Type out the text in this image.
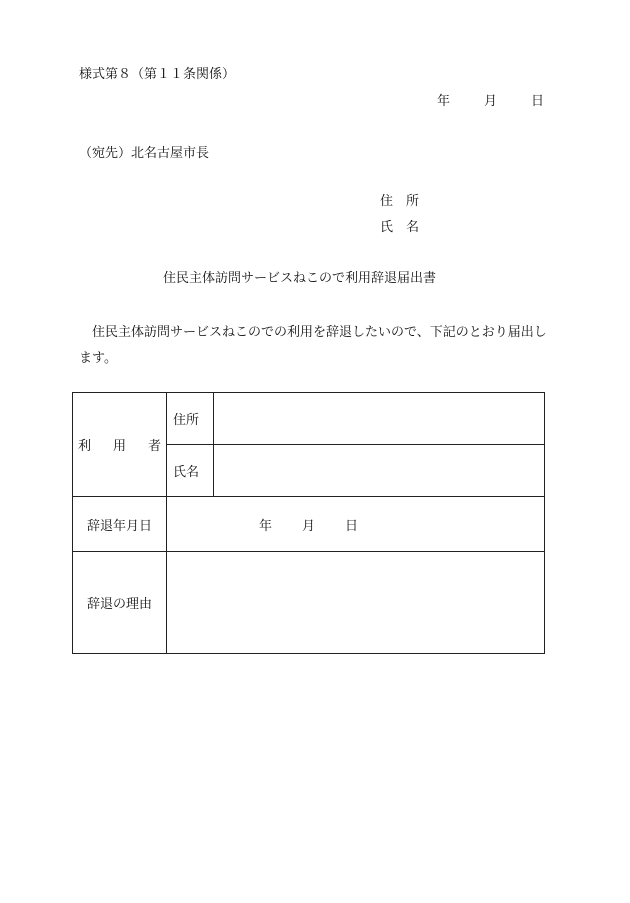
様式第８（第１１条関係）
年	月	日
（宛先）北名古屋市長
住 所
氏 名
住民主体訪問サービスねこので利用辞退届出書
住民主体訪問サービスねこのでの利用を辞退したいので、下記のとおり届出します。
利 用 者	住所	
	氏名	
辞退年月日	年 月 日	
辞退の理由		
